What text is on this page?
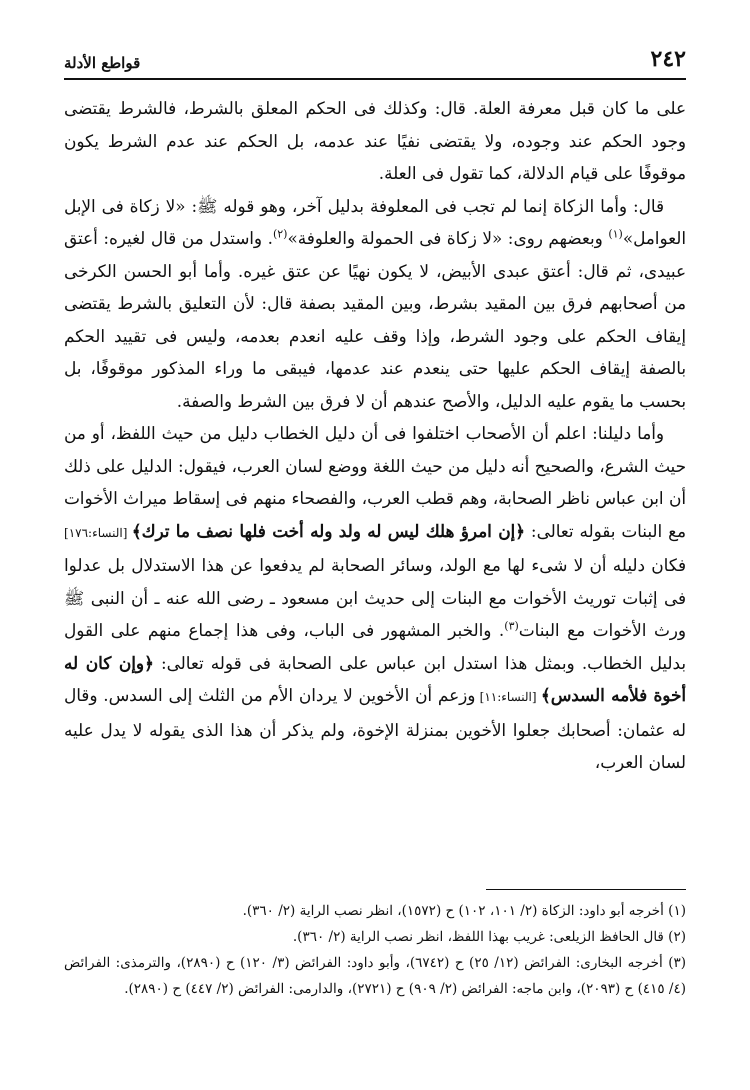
٢٤٢
قواطع الأدلة

على ما كان قبل معرفة العلة. قال: وكذلك فى الحكم المعلق بالشرط، فالشرط يقتضى وجود الحكم عند وجوده، ولا يقتضى نفيًا عند عدمه، بل الحكم عند عدم الشرط يكون موقوفًا على قيام الدلالة، كما تقول فى العلة.

قال: وأما الزكاة إنما لم تجب فى المعلوفة بدليل آخر، وهو قوله ﷺ: «لا زكاة فى الإبل العوامل»$^{(١)}$ وبعضهم روى: «لا زكاة فى الحمولة والعلوفة»$^{(٢)}$. واستدل من قال لغيره: أعتق عبيدى، ثم قال: أعتق عبدى الأبيض، لا يكون نهيًا عن عتق غيره. وأما أبو الحسن الكرخى من أصحابهم فرق بين المقيد بشرط، وبين المقيد بصفة قال: لأن التعليق بالشرط يقتضى إيقاف الحكم على وجود الشرط، وإذا وقف عليه انعدم بعدمه، وليس فى تقييد الحكم بالصفة إيقاف الحكم عليها حتى ينعدم عند عدمها، فيبقى ما وراء المذكور موقوفًا، بل بحسب ما يقوم عليه الدليل، والأصح عندهم أن لا فرق بين الشرط والصفة.

وأما دليلنا: اعلم أن الأصحاب اختلفوا فى أن دليل الخطاب دليل من حيث اللفظ، أو من حيث الشرع، والصحيح أنه دليل من حيث اللغة ووضع لسان العرب، فيقول: الدليل على ذلك أن ابن عباس ناظر الصحابة، وهم قطب العرب، والفصحاء منهم فى إسقاط ميراث الأخوات مع البنات بقوله تعالى: ﴿إن امرؤ هلك ليس له ولد وله أخت فلها نصف ما ترك﴾ [النساء:١٧٦] فكان دليله أن لا شىء لها مع الولد، وسائر الصحابة لم يدفعوا عن هذا الاستدلال بل عدلوا فى إثبات توريث الأخوات مع البنات إلى حديث ابن مسعود ـ رضى الله عنه ـ أن النبى ﷺ ورث الأخوات مع البنات$^{(٣)}$. والخبر المشهور فى الباب، وفى هذا إجماع منهم على القول بدليل الخطاب. وبمثل هذا استدل ابن عباس على الصحابة فى قوله تعالى: ﴿وإن كان له أخوة فلأمه السدس﴾ [النساء:١١] وزعم أن الأخوين لا يردان الأم من الثلث إلى السدس. وقال له عثمان: أصحابك جعلوا الأخوين بمنزلة الإخوة، ولم يذكر أن هذا الذى يقوله لا يدل عليه لسان العرب،

(١) أخرجه أبو داود: الزكاة (٢/ ١٠١، ١٠٢) ح (١٥٧٢)، انظر نصب الراية (٢/ ٣٦٠).

(٢) قال الحافظ الزيلعى: غريب بهذا اللفظ، انظر نصب الراية (٢/ ٣٦٠).

(٣) أخرجه البخارى: الفرائض (١٢/ ٢٥) ح (٦٧٤٢)، وأبو داود: الفرائض (٣/ ١٢٠) ح (٢٨٩٠)، والترمذى: الفرائض (٤/ ٤١٥) ح (٢٠٩٣)، وابن ماجه: الفرائض (٢/ ٩٠٩) ح (٢٧٢١)، والدارمى: الفرائض (٢/ ٤٤٧) ح (٢٨٩٠).
